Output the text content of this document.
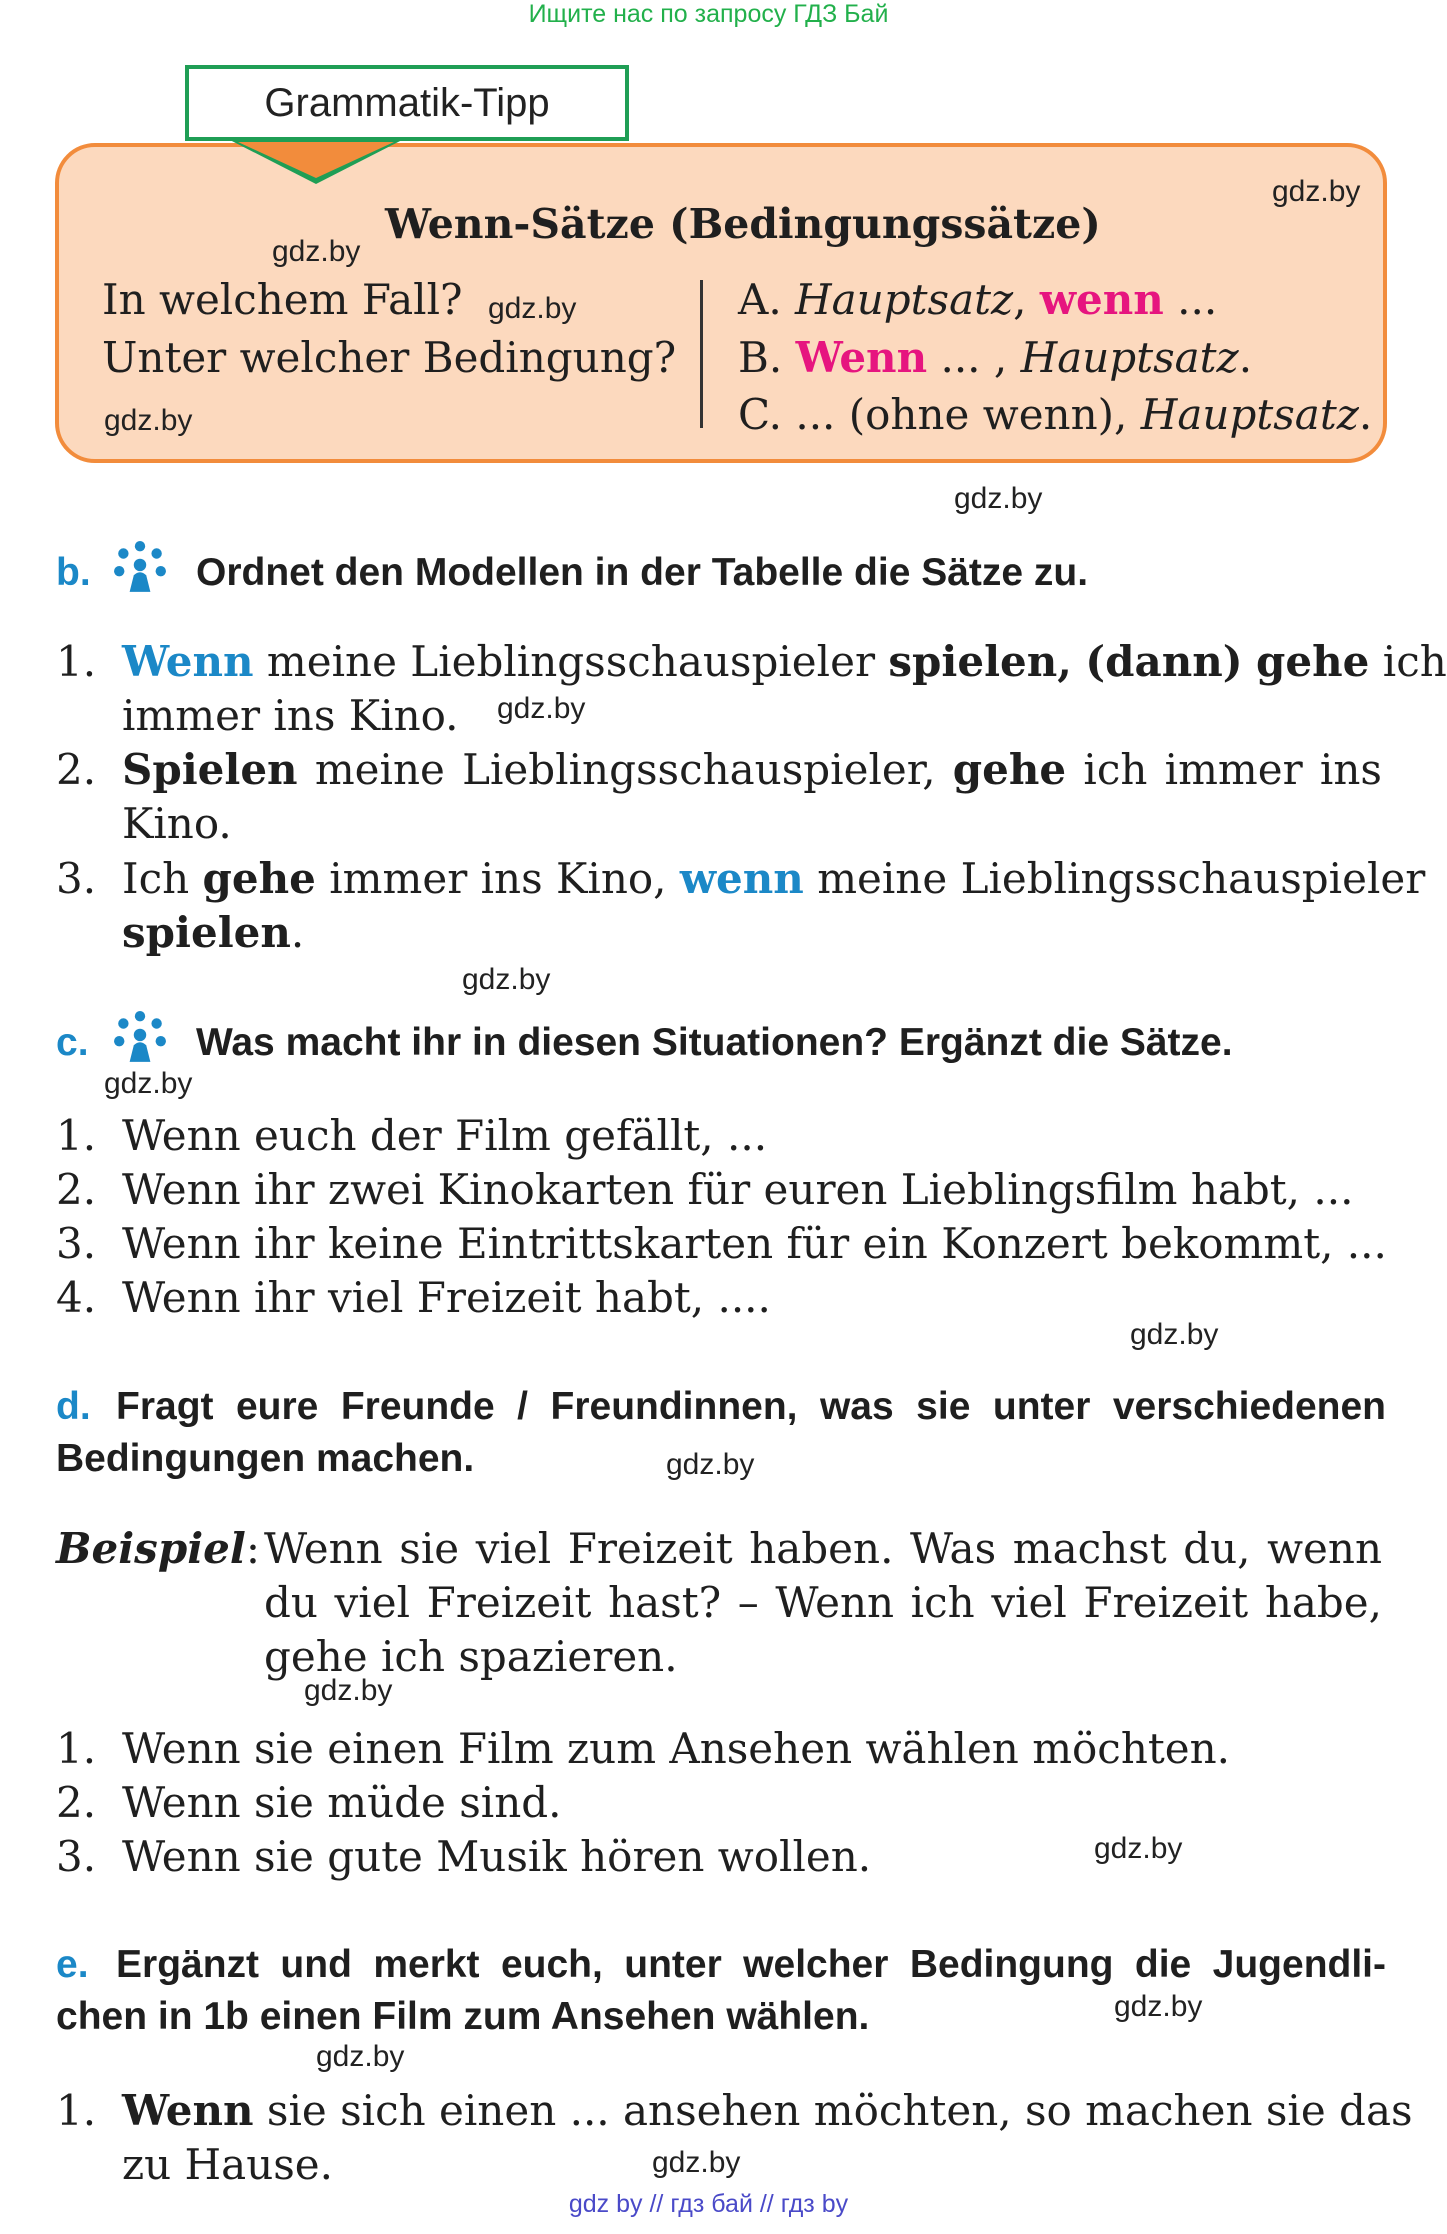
Ищите нас по запросу ГДЗ Бай
Grammatik-Tipp
Wenn-Sätze (Bedingungssätze)
In welchem Fall?
Unter welcher Bedingung?
A. Hauptsatz, wenn ...
B. Wenn ... , Hauptsatz.
C. ... (ohne wenn), Hauptsatz.
b.	Ordnet den Modellen in der Tabelle die Sätze zu.
1. Wenn meine Lieblingsschauspieler spielen, (dann) gehe ich
immer ins Kino.
2. Spielen meine Lieblingsschauspieler, gehe ich immer ins
Kino.
3. Ich gehe immer ins Kino, wenn meine Lieblingsschauspieler
spielen.
c.	Was macht ihr in diesen Situationen? Ergänzt die Sätze.
1. Wenn euch der Film gefällt, ...
2. Wenn ihr zwei Kinokarten für euren Lieblingsfilm habt, ...
3. Wenn ihr keine Eintrittskarten für ein Konzert bekommt, ...
4. Wenn ihr viel Freizeit habt, ....
d. Fragt eure Freunde / Freundinnen, was sie unter verschiedenen
Bedingungen machen.
Beispiel: Wenn sie viel Freizeit haben. Was machst du, wenn
du viel Freizeit hast? – Wenn ich viel Freizeit habe,
gehe ich spazieren.
1. Wenn sie einen Film zum Ansehen wählen möchten.
2. Wenn sie müde sind.
3. Wenn sie gute Musik hören wollen.
e. Ergänzt und merkt euch, unter welcher Bedingung die Jugendli-
chen in 1b einen Film zum Ansehen wählen.
1. Wenn sie sich einen ... ansehen möchten, so machen sie das
zu Hause.
gdz.by
gdz.by
gdz.by
gdz.by
gdz.by
gdz.by
gdz.by
gdz.by
gdz.by
gdz.by
gdz.by
gdz.by
gdz.by
gdz.by
gdz.by
gdz by // гдз бай // гдз by
